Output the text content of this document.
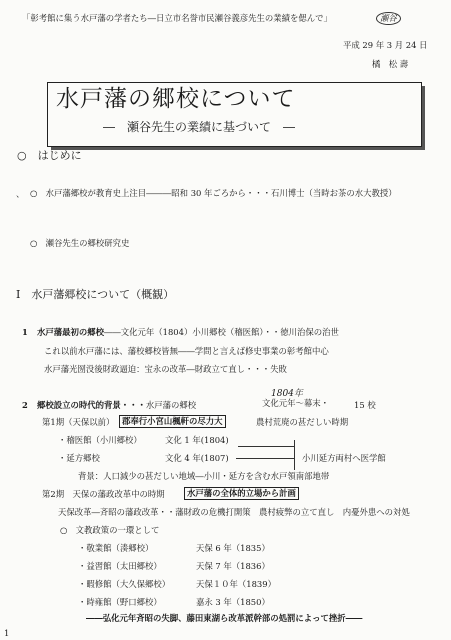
「彰考館に集う水戸藩の学者たち―日立市名誉市民瀬谷義彦先生の業績を偲んで」	瀬谷
平成 29 年 3 月 24 日
橘　松 壽
水戸藩の郷校について
―　瀬谷先生の業績に基づいて　―
○　はじめに
、 ○　水戸藩郷校が教育史上注目―――昭和 30 年ごろから・・・石川博士（当時お茶の水大教授）
○　瀬谷先生の郷校研究史
Ⅰ　水戸藩郷校について（概観）
1 水戸藩最初の郷校――文化元年（1804）小川郷校（稽医館）・・徳川治保の治世
これ以前水戸藩には、藩校郷校皆無――学問と言えば修史事業の彰考館中心
水戸藩光圀没後財政逼迫：宝永の改革―財政立て直し・・・失敗
2 郷校設立の時代的背景・・・水戸藩の郷校
1804年
文化元年〜幕末・	15 校
第1期（天保以前） 郡奉行小宮山楓軒の尽力大	農村荒廃の甚だしい時期
・稽医館（小川郷校）	文化 1 年(1804)
・延方郷校	文化 4 年(1807)	小川延方両村へ医学館
背景：人口減少の甚だしい地域―小川・延方を含む水戸領南部地帯
第2期　天保の藩政改革中の時期	水戸藩の全体的立場から計画
天保改革―斉昭の藩政改革・・藩財政の危機打開策　農村疲弊の立て直し　内憂外患への対処
○　文教政策の一環として
・敬業館（湊郷校）	天保 6 年（1835）
・益習館（太田郷校）	天保 7 年（1836）
・暇修館（大久保郷校）	天保１０年（1839）
・時雍館（野口郷校）	嘉永 3 年（1850）
――弘化元年斉昭の失脚、藤田東湖ら改革派幹部の処罰によって挫折――
1
